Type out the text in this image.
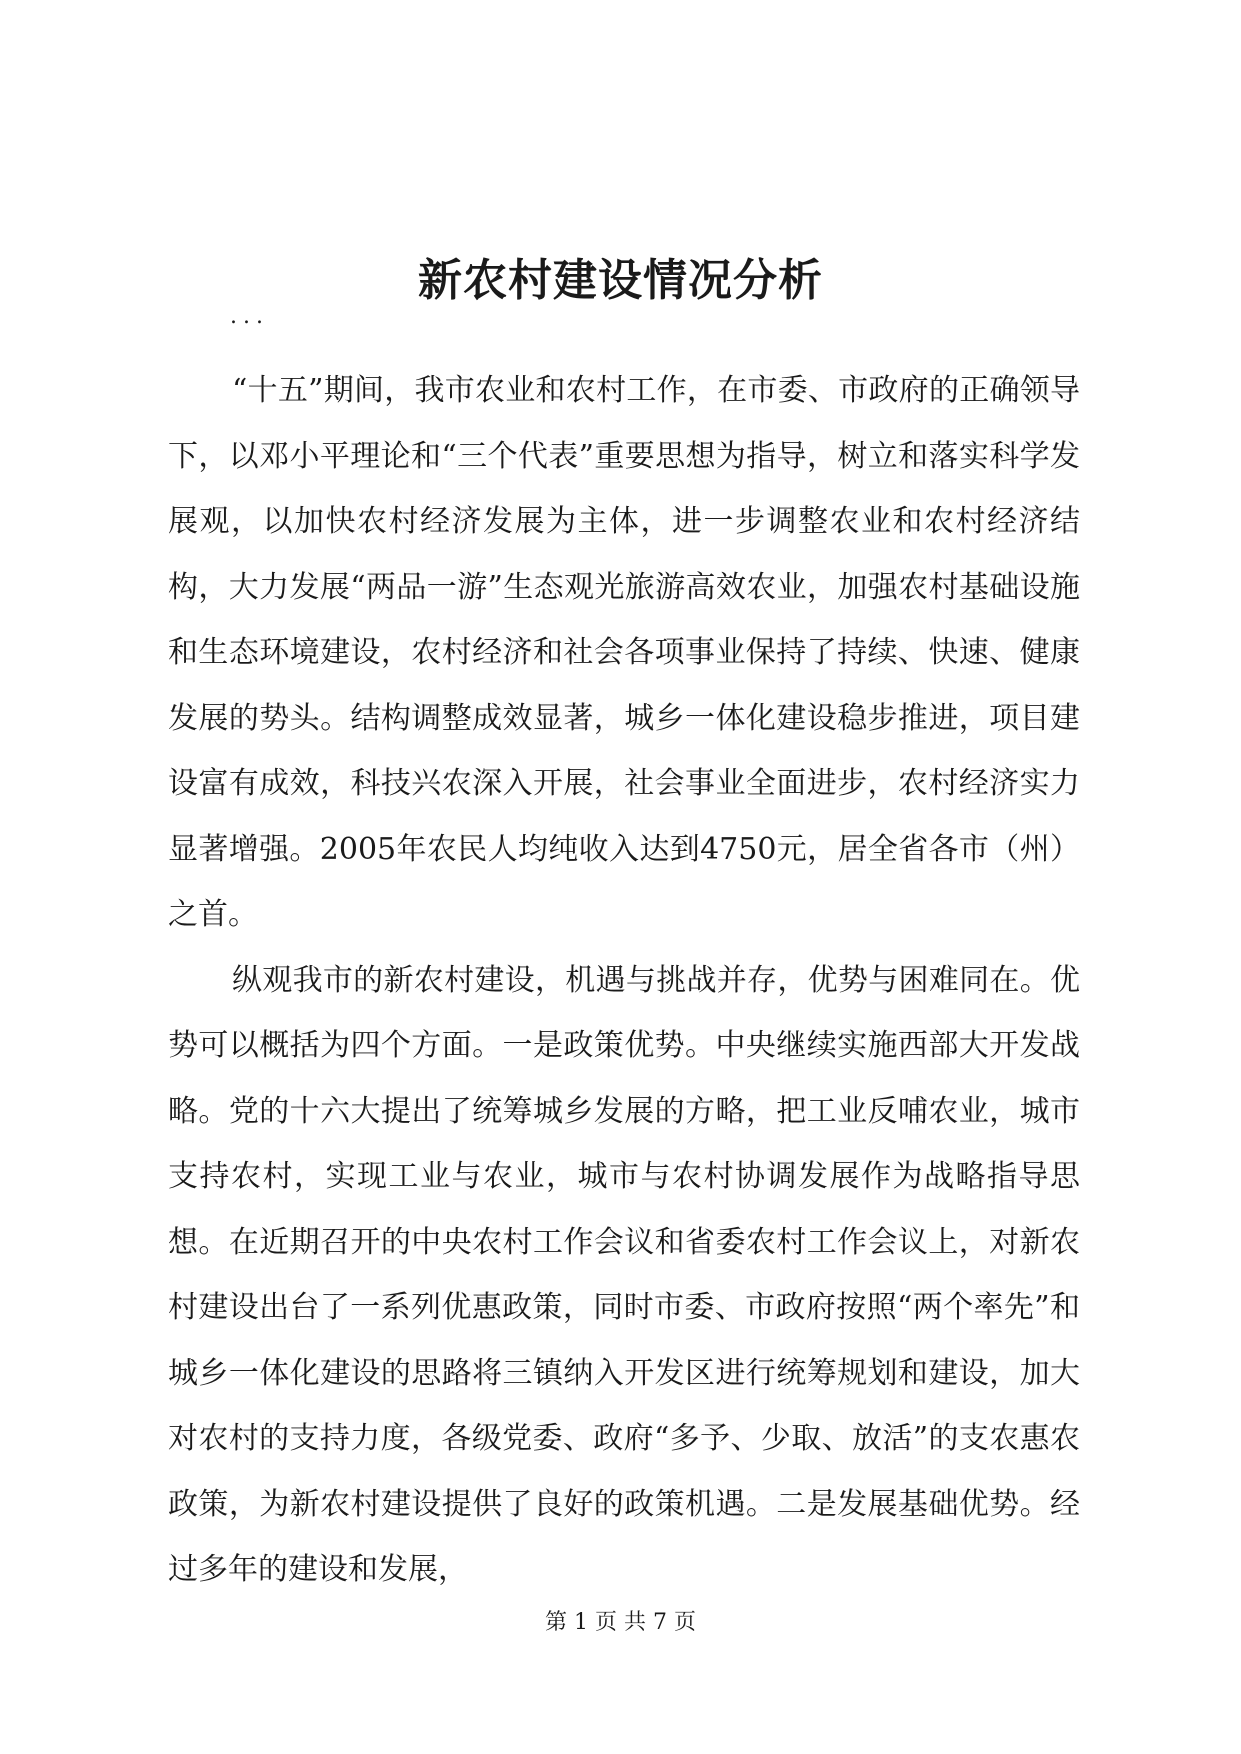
新农村建设情况分析
...

“十五”期间，我市农业和农村工作，在市委、市政府的正确领导下，以邓小平理论和“三个代表”重要思想为指导，树立和落实科学发展观，以加快农村经济发展为主体，进一步调整农业和农村经济结构，大力发展“两品一游”生态观光旅游高效农业，加强农村基础设施和生态环境建设，农村经济和社会各项事业保持了持续、快速、健康发展的势头。结构调整成效显著，城乡一体化建设稳步推进，项目建设富有成效，科技兴农深入开展，社会事业全面进步，农村经济实力显著增强。2005年农民人均纯收入达到4750元，居全省各市（州）之首。

纵观我市的新农村建设，机遇与挑战并存，优势与困难同在。优势可以概括为四个方面。一是政策优势。中央继续实施西部大开发战略。党的十六大提出了统筹城乡发展的方略，把工业反哺农业，城市支持农村，实现工业与农业，城市与农村协调发展作为战略指导思想。在近期召开的中央农村工作会议和省委农村工作会议上，对新农村建设出台了一系列优惠政策，同时市委、市政府按照“两个率先”和城乡一体化建设的思路将三镇纳入开发区进行统筹规划和建设，加大对农村的支持力度，各级党委、政府“多予、少取、放活”的支农惠农政策，为新农村建设提供了良好的政策机遇。二是发展基础优势。经过多年的建设和发展，

第 1 页 共 7 页
